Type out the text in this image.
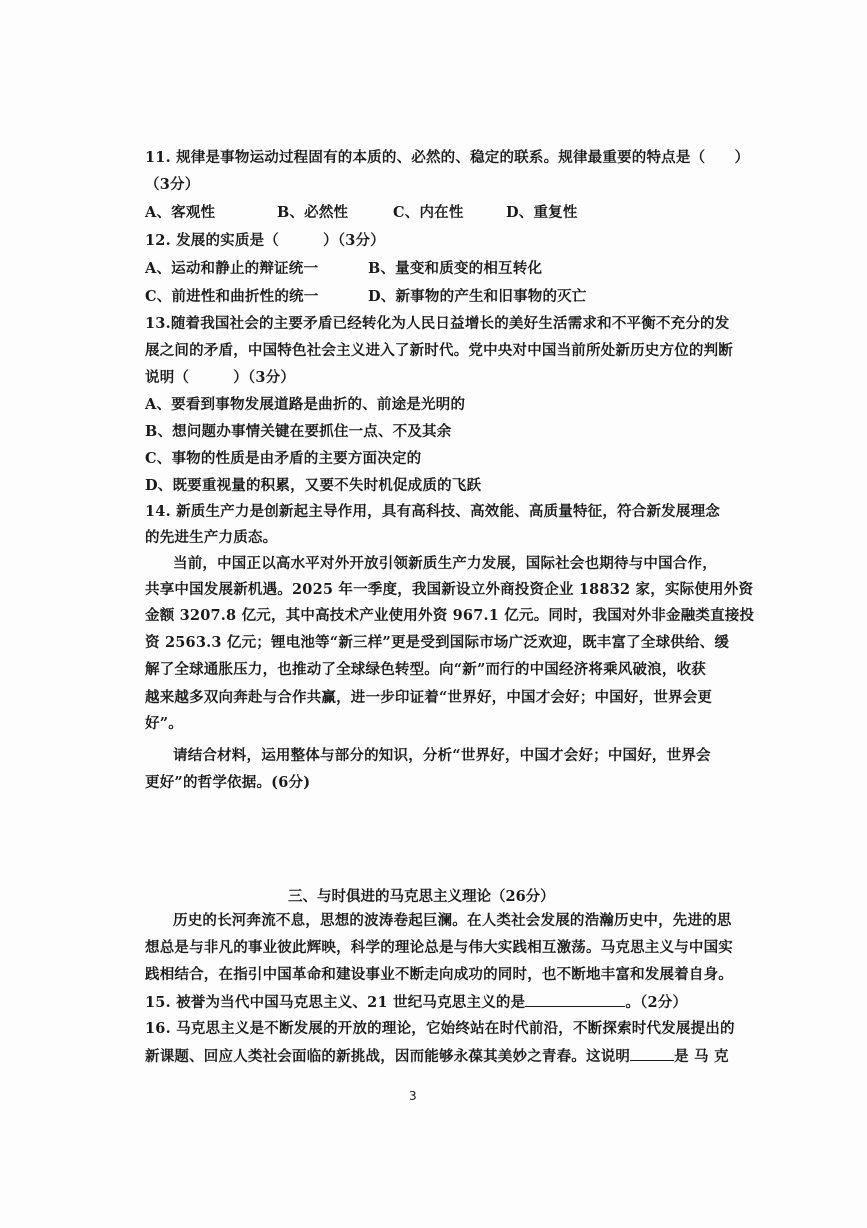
11. 规律是事物运动过程固有的本质的、必然的、稳定的联系。规律最重要的特点是（　　）
（3分）
A、客观性	B、必然性	C、内在性	D、重复性
12. 发展的实质是（　　　）（3分）
A、运动和静止的辩证统一	B、量变和质变的相互转化
C、前进性和曲折性的统一	D、新事物的产生和旧事物的灭亡
13.随着我国社会的主要矛盾已经转化为人民日益增长的美好生活需求和不平衡不充分的发
展之间的矛盾，中国特色社会主义进入了新时代。党中央对中国当前所处新历史方位的判断
说明（　　　）（3分）
A、要看到事物发展道路是曲折的、前途是光明的
B、想问题办事情关键在要抓住一点、不及其余
C、事物的性质是由矛盾的主要方面决定的
D、既要重视量的积累，又要不失时机促成质的飞跃
14. 新质生产力是创新起主导作用，具有高科技、高效能、高质量特征，符合新发展理念
的先进生产力质态。
当前，中国正以高水平对外开放引领新质生产力发展，国际社会也期待与中国合作，
共享中国发展新机遇。2025 年一季度，我国新设立外商投资企业 18832 家，实际使用外资
金额 3207.8 亿元，其中高技术产业使用外资 967.1 亿元。同时，我国对外非金融类直接投
资 2563.3 亿元；锂电池等“新三样”更是受到国际市场广泛欢迎，既丰富了全球供给、缓
解了全球通胀压力，也推动了全球绿色转型。向“新”而行的中国经济将乘风破浪，收获
越来越多双向奔赴与合作共赢，进一步印证着“世界好，中国才会好；中国好，世界会更
好”。
请结合材料，运用整体与部分的知识，分析“世界好，中国才会好；中国好，世界会
更好”的哲学依据。(6分)
三、与时俱进的马克思主义理论（26分）
历史的长河奔流不息，思想的波涛卷起巨澜。在人类社会发展的浩瀚历史中，先进的思
想总是与非凡的事业彼此辉映，科学的理论总是与伟大实践相互激荡。马克思主义与中国实
践相结合，在指引中国革命和建设事业不断走向成功的同时，也不断地丰富和发展着自身。
15. 被誉为当代中国马克思主义、21 世纪马克思主义的是	。（2分）
16. 马克思主义是不断发展的开放的理论，它始终站在时代前沿，不断探索时代发展提出的
新课题、回应人类社会面临的新挑战，因而能够永葆其美妙之青春。这说明	是 马 克
3
